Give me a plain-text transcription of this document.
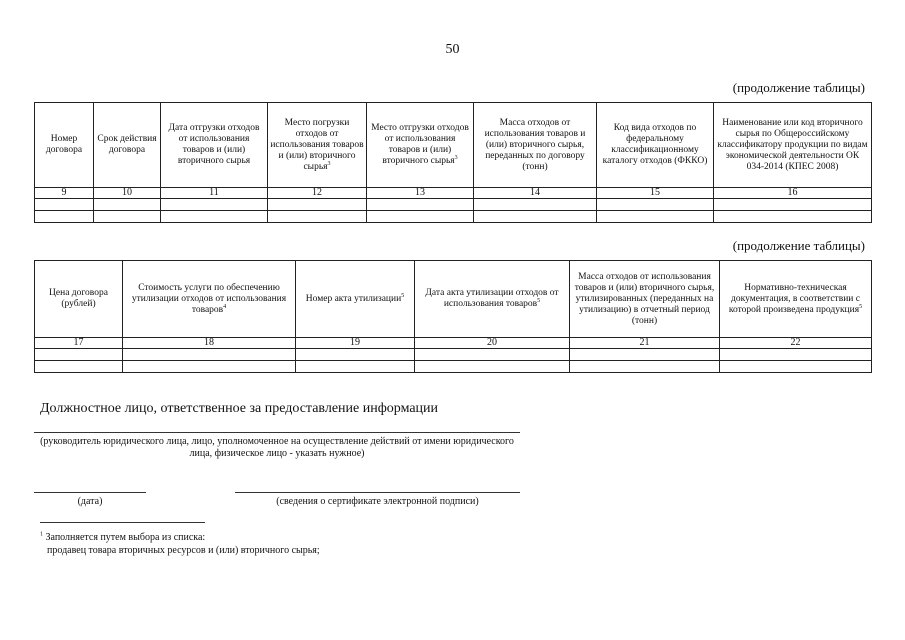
50
(продолжение таблицы)
Номер договора	Срок действия договора	Дата отгрузки отходов от использования товаров и (или) вторичного сырья	Место погрузки отходов от использования товаров и (или) вторичного сырья$^3$	Место отгрузки отходов от использования товаров и (или) вторичного сырья$^3$	Масса отходов от использования товаров и (или) вторичного сырья, переданных по договору (тонн)	Код вида отходов по федеральному классификационному каталогу отходов (ФККО)	Наименование или код вторичного сырья по Общероссийскому классификатору продукции по видам экономической деятельности ОК 034-2014 (КПЕС 2008)
9	10	11	12	13	14	15	16

(продолжение таблицы)
Цена договора (рублей)	Стоимость услуги по обеспечению утилизации отходов от использования товаров$^4$	Номер акта утилизации$^5$	Дата акта утилизации отходов от использования товаров$^5$	Масса отходов от использования товаров и (или) вторичного сырья, утилизированных (переданных на утилизацию) в отчетный период (тонн)	Нормативно-техническая документация, в соответствии с которой произведена продукция$^5$
17	18	19	20	21	22

Должностное лицо, ответственное за предоставление информации
(руководитель юридического лица, лицо, уполномоченное на осуществление действий от имени юридического лица, физическое лицо - указать нужное)
(дата)	(сведения о сертификате электронной подписи)
$^1$ Заполняется путем выбора из списка:
продавец товара вторичных ресурсов и (или) вторичного сырья;
